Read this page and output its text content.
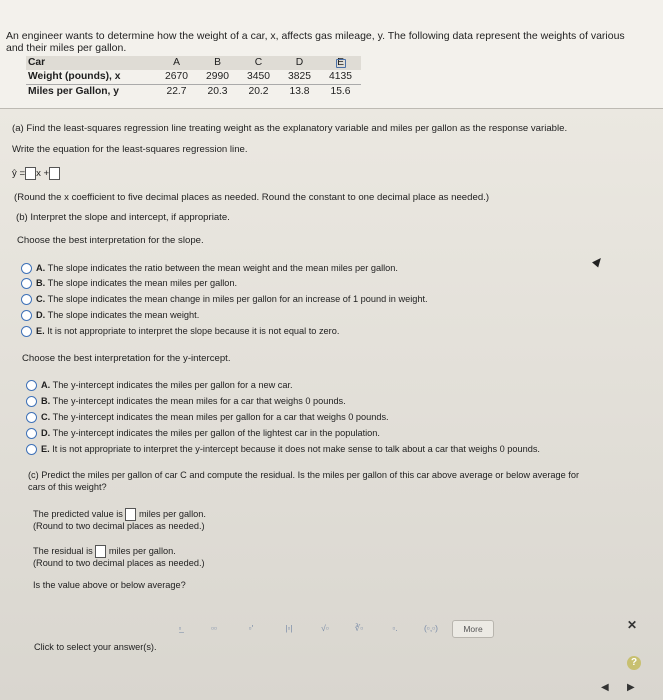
An engineer wants to determine how the weight of a car, x, affects gas mileage, y. The following data represent the weights of various
and their miles per gallon.
Car	A	B	C	D	E
Weight (pounds), x	2670	2990	3450	3825	4135
Miles per Gallon, y	22.7	20.3	20.2	13.8	15.6
(a) Find the least-squares regression line treating weight as the explanatory variable and miles per gallon as the response variable.
Write the equation for the least-squares regression line.
ŷ = x +
(Round the x coefficient to five decimal places as needed. Round the constant to one decimal place as needed.)
(b) Interpret the slope and intercept, if appropriate.
Choose the best interpretation for the slope.
A. The slope indicates the ratio between the mean weight and the mean miles per gallon.
B. The slope indicates the mean miles per gallon.
C. The slope indicates the mean change in miles per gallon for an increase of 1 pound in weight.
D. The slope indicates the mean weight.
E. It is not appropriate to interpret the slope because it is not equal to zero.
Choose the best interpretation for the y-intercept.
A. The y-intercept indicates the miles per gallon for a new car.
B. The y-intercept indicates the mean miles for a car that weighs 0 pounds.
C. The y-intercept indicates the mean miles per gallon for a car that weighs 0 pounds.
D. The y-intercept indicates the miles per gallon of the lightest car in the population.
E. It is not appropriate to interpret the y-intercept because it does not make sense to talk about a car that weighs 0 pounds.
(c) Predict the miles per gallon of car C and compute the residual. Is the miles per gallon of this car above average or below average for
cars of this weight?
The predicted value is miles per gallon.
(Round to two decimal places as needed.)
The residual is miles per gallon.
(Round to two decimal places as needed.)
Is the value above or below average?
▫̲	▫▫	▫'	|▫|	√▫	∛▫	▫.	(▫,▫)	More	✕
Click to select your answer(s).
?
◀ ▶
